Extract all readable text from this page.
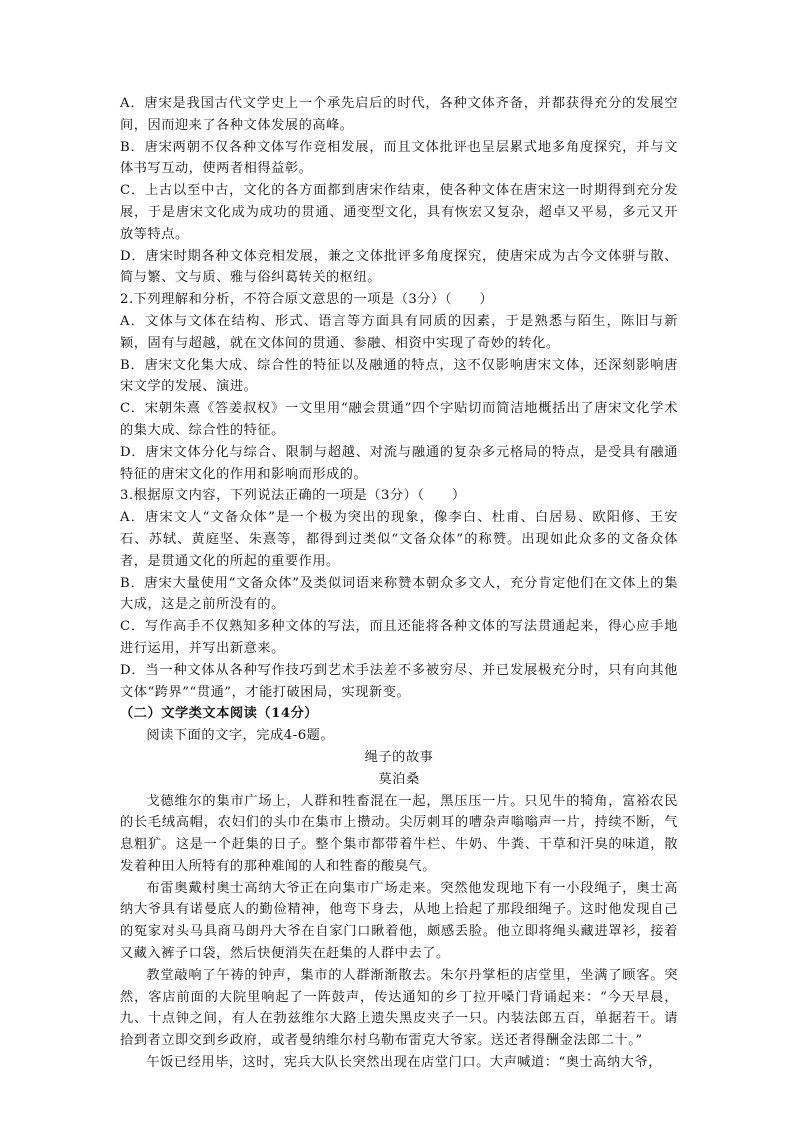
A．唐宋是我国古代文学史上一个承先启后的时代，各种文体齐备，并都获得充分的发展空间，因而迎来了各种文体发展的高峰。

B．唐宋两朝不仅各种文体写作竞相发展，而且文体批评也呈层累式地多角度探究，并与文体书写互动，使两者相得益彰。

C．上古以至中古，文化的各方面都到唐宋作结束，使各种文体在唐宋这一时期得到充分发展，于是唐宋文化成为成功的贯通、通变型文化，具有恢宏又复杂，超卓又平易，多元又开放等特点。

D．唐宋时期各种文体竞相发展，兼之文体批评多角度探究，使唐宋成为古今文体骈与散、简与繁、文与质、雅与俗纠葛转关的枢纽。

2.下列理解和分析，不符合原文意思的一项是（3分）（　　）

A．文体与文体在结构、形式、语言等方面具有同质的因素，于是熟悉与陌生，陈旧与新颖，固有与超越，就在文体间的贯通、参融、相资中实现了奇妙的转化。

B．唐宋文化集大成、综合性的特征以及融通的特点，这不仅影响唐宋文体，还深刻影响唐宋文学的发展、演进。

C．宋朝朱熹《答姜叔权》一文里用“融会贯通”四个字贴切而简洁地概括出了唐宋文化学术的集大成、综合性的特征。

D．唐宋文体分化与综合、限制与超越、对流与融通的复杂多元格局的特点，是受具有融通特征的唐宋文化的作用和影响而形成的。

3.根据原文内容，下列说法正确的一项是（3分）（　　）

A．唐宋文人“文备众体”是一个极为突出的现象，像李白、杜甫、白居易、欧阳修、王安石、苏轼、黄庭坚、朱熹等，都得到过类似“文备众体”的称赞。出现如此众多的文备众体者，是贯通文化的所起的重要作用。

B．唐宋大量使用“文备众体”及类似词语来称赞本朝众多文人，充分肯定他们在文体上的集大成，这是之前所没有的。

C．写作高手不仅熟知多种文体的写法，而且还能将各种文体的写法贯通起来，得心应手地进行运用，并写出新意来。

D．当一种文体从各种写作技巧到艺术手法差不多被穷尽、并已发展极充分时，只有向其他文体“跨界”“贯通”，才能打破困局，实现新变。

（二）文学类文本阅读（14分）

阅读下面的文字，完成4-6题。

绳子的故事

莫泊桑

戈德维尔的集市广场上，人群和牲畜混在一起，黑压压一片。只见牛的犄角，富裕农民的长毛绒高帽，农妇们的头巾在集市上攒动。尖厉刺耳的嘈杂声嗡嗡声一片，持续不断，气息粗犷。这是一个赶集的日子。整个集市都带着牛栏、牛奶、牛粪、干草和汗臭的味道，散发着种田人所特有的那种难闻的人和牲畜的酸臭气。

布雷奥戴村奥士高纳大爷正在向集市广场走来。突然他发现地下有一小段绳子，奥士高纳大爷具有诺曼底人的勤俭精神，他弯下身去，从地上拾起了那段细绳子。这时他发现自己的冤家对头马具商马朗丹大爷在自家门口瞅着他，颇感丢脸。他立即将绳头藏进罩衫，接着又藏入裤子口袋，然后快便消失在赶集的人群中去了。

教堂敲响了午祷的钟声，集市的人群渐渐散去。朱尔丹掌柜的店堂里，坐满了顾客。突然，客店前面的大院里响起了一阵鼓声，传达通知的乡丁拉开嗓门背诵起来：“今天早晨，九、十点钟之间，有人在勃兹维尔大路上遗失黑皮夹子一只。内装法郎五百，单据若干。请拾到者立即交到乡政府，或者曼纳维尔村乌勒布雷克大爷家。送还者得酬金法郎二十。”

午饭已经用毕，这时，宪兵大队长突然出现在店堂门口。大声喊道：“奥士高纳大爷，
